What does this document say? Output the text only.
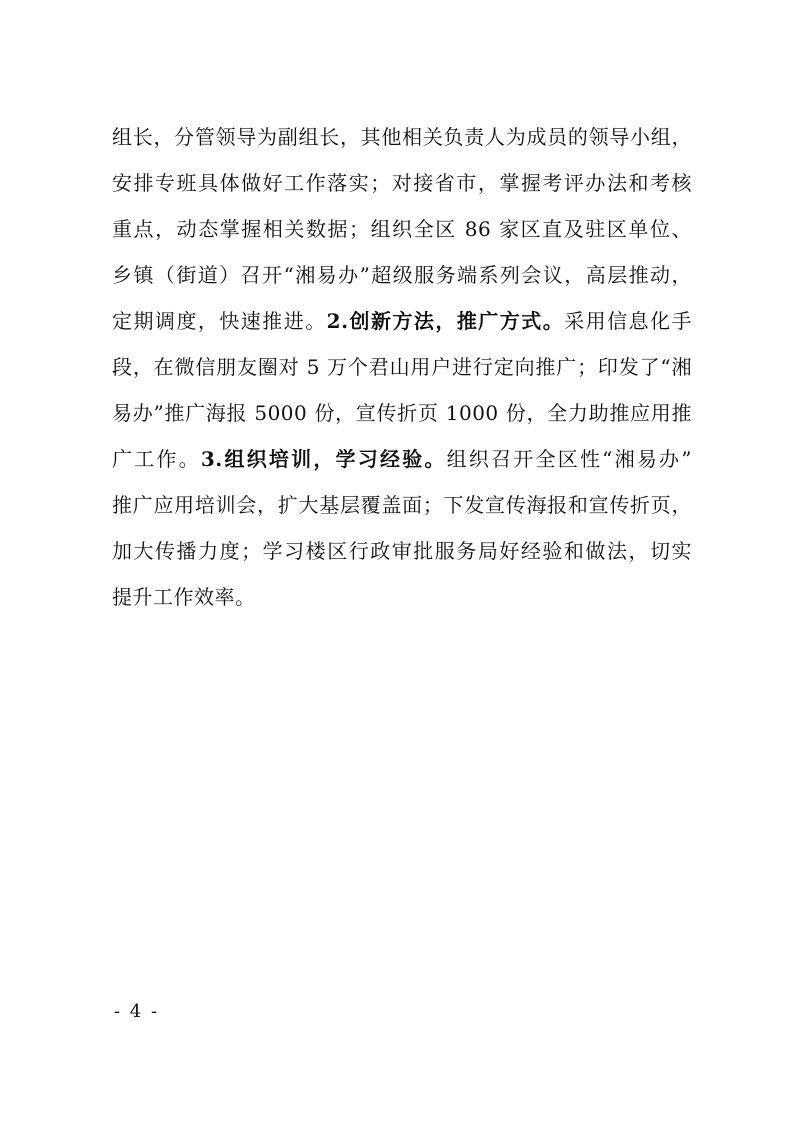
组长，分管领导为副组长，其他相关负责人为成员的领导小组，
安排专班具体做好工作落实；对接省市，掌握考评办法和考核
重点，动态掌握相关数据；组织全区 86 家区直及驻区单位、
乡镇（街道）召开“湘易办”超级服务端系列会议，高层推动，
定期调度，快速推进。2.创新方法，推广方式。采用信息化手
段，在微信朋友圈对 5 万个君山用户进行定向推广；印发了“湘
易办”推广海报 5000 份，宣传折页 1000 份，全力助推应用推
广工作。3.组织培训，学习经验。组织召开全区性“湘易办”
推广应用培训会，扩大基层覆盖面；下发宣传海报和宣传折页，
加大传播力度；学习楼区行政审批服务局好经验和做法，切实
提升工作效率。
- 4 -
